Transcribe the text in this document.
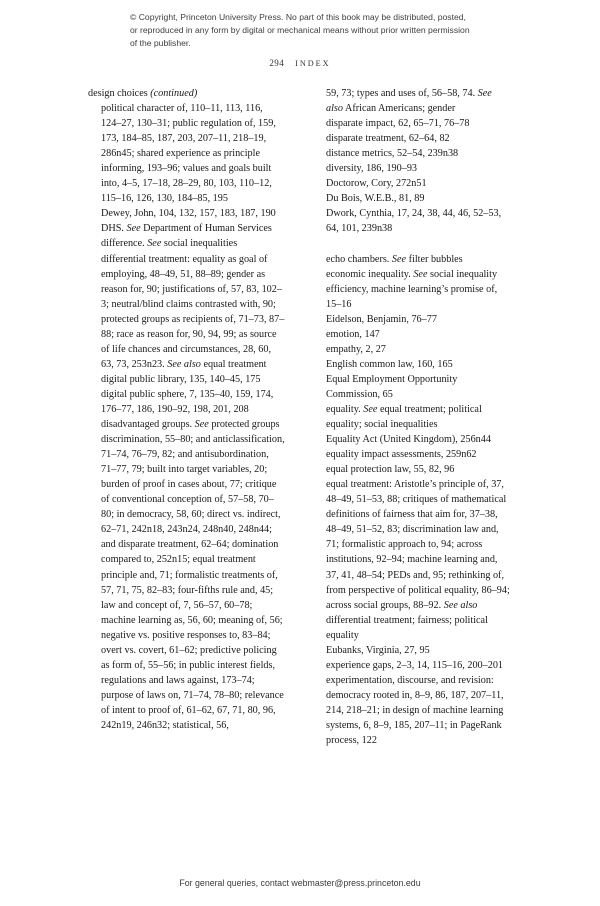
© Copyright, Princeton University Press. No part of this book may be distributed, posted, or reproduced in any form by digital or mechanical means without prior written permission of the publisher.
294 INDEX

design choices (continued)

political character of, 110–11, 113, 116, 124–27, 130–31; public regulation of, 159, 173, 184–85, 187, 203, 207–11, 218–19, 286n45; shared experience as principle informing, 193–96; values and goals built into, 4–5, 17–18, 28–29, 80, 103, 110–12, 115–16, 126, 130, 184–85, 195

Dewey, John, 104, 132, 157, 183, 187, 190

DHS. See Department of Human Services

difference. See social inequalities

differential treatment: equality as goal of employing, 48–49, 51, 88–89; gender as reason for, 90; justifications of, 57, 83, 102–3; neutral/blind claims contrasted with, 90; protected groups as recipients of, 71–73, 87–88; race as reason for, 90, 94, 99; as source of life chances and circumstances, 28, 60, 63, 73, 253n23. See also equal treatment

digital public library, 135, 140–45, 175

digital public sphere, 7, 135–40, 159, 174, 176–77, 186, 190–92, 198, 201, 208

disadvantaged groups. See protected groups

discrimination, 55–80; and anticlassification, 71–74, 76–79, 82; and antisubordination, 71–77, 79; built into target variables, 20; burden of proof in cases about, 77; critique of conventional conception of, 57–58, 70–80; in democracy, 58, 60; direct vs. indirect, 62–71, 242n18, 243n24, 248n40, 248n44; and disparate treatment, 62–64; domination compared to, 252n15; equal treatment principle and, 71; formalistic treatments of, 57, 71, 75, 82–83; four-fifths rule and, 45; law and concept of, 7, 56–57, 60–78; machine learning as, 56, 60; meaning of, 56; negative vs. positive responses to, 83–84; overt vs. covert, 61–62; predictive policing as form of, 55–56; in public interest fields, regulations and laws against, 173–74; purpose of laws on, 71–74, 78–80; relevance of intent to proof of, 61–62, 67, 71, 80, 96, 242n19, 246n32; statistical, 56,

59, 73; types and uses of, 56–58, 74. See also African Americans; gender

disparate impact, 62, 65–71, 76–78

disparate treatment, 62–64, 82

distance metrics, 52–54, 239n38

diversity, 186, 190–93

Doctorow, Cory, 272n51

Du Bois, W.E.B., 81, 89

Dwork, Cynthia, 17, 24, 38, 44, 46, 52–53, 64, 101, 239n38

echo chambers. See filter bubbles

economic inequality. See social inequality

efficiency, machine learning’s promise of, 15–16

Eidelson, Benjamin, 76–77

emotion, 147

empathy, 2, 27

English common law, 160, 165

Equal Employment Opportunity Commission, 65

equality. See equal treatment; political equality; social inequalities

Equality Act (United Kingdom), 256n44

equality impact assessments, 259n62

equal protection law, 55, 82, 96

equal treatment: Aristotle’s principle of, 37, 48–49, 51–53, 88; critiques of mathematical definitions of fairness that aim for, 37–38, 48–49, 51–52, 83; discrimination law and, 71; formalistic approach to, 94; across institutions, 92–94; machine learning and, 37, 41, 48–54; PEDs and, 95; rethinking of, from perspective of political equality, 86–94; across social groups, 88–92. See also differential treatment; fairness; political equality

Eubanks, Virginia, 27, 95

experience gaps, 2–3, 14, 115–16, 200–201

experimentation, discourse, and revision: democracy rooted in, 8–9, 86, 187, 207–11, 214, 218–21; in design of machine learning systems, 6, 8–9, 185, 207–11; in PageRank process, 122

For general queries, contact webmaster@press.princeton.edu
